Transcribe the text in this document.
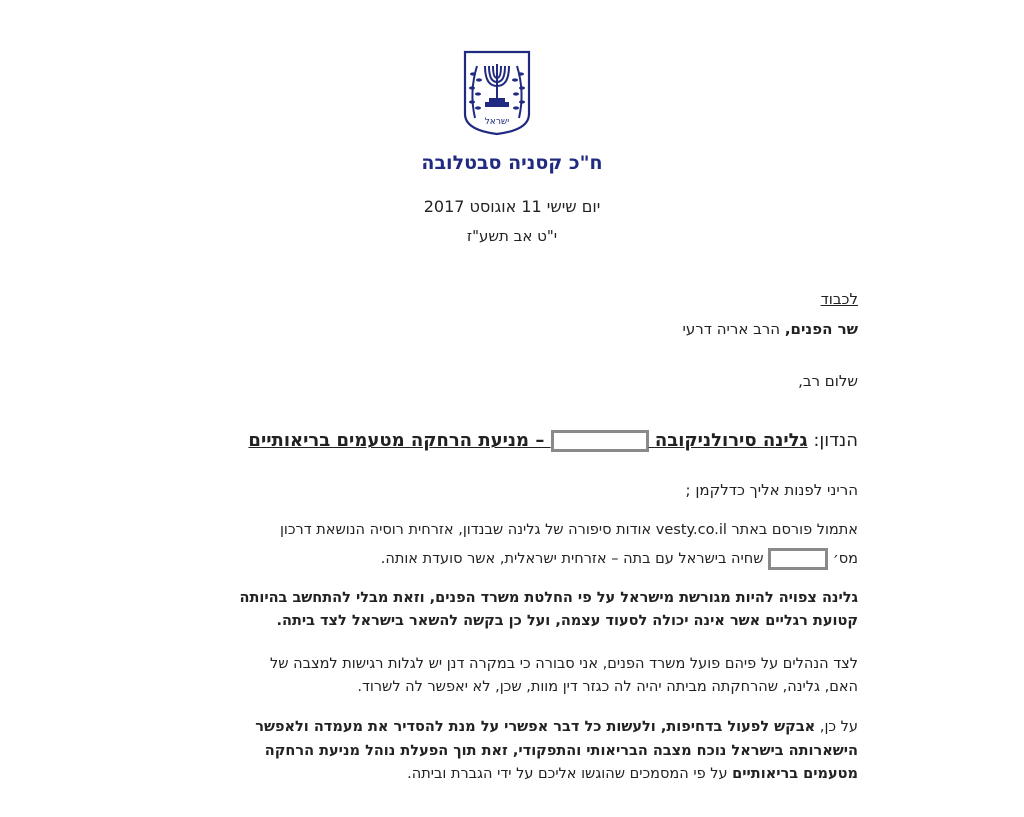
ישראל
ח"כ קסניה סבטלובה
יום שישי 11 אוגוסט 2017
י"ט אב תשע"ז
לכבוד
שר הפנים, הרב אריה דרעי
שלום רב,
הנדון: גלינה סירולניקובה  – מניעת הרחקה מטעמים בריאותיים
הריני לפנות אליך כדלקמן ;
אתמול פורסם באתר vesty.co.il אודות סיפורה של גלינה שבנדון, אזרחית רוסיה הנושאת דרכון
מס׳  שחיה בישראל עם בתה – אזרחית ישראלית, אשר סועדת אותה.
גלינה צפויה להיות מגורשת מישראל על פי החלטת משרד הפנים, וזאת מבלי להתחשב בהיותה
קטועת רגליים אשר אינה יכולה לסעוד עצמה, ועל כן בקשה להשאר בישראל לצד ביתה.
לצד הנהלים על פיהם פועל משרד הפנים, אני סבורה כי במקרה דנן יש לגלות רגישות למצבה של
האם, גלינה, שהרחקתה מביתה יהיה לה כגזר דין מוות, שכן, לא יאפשר לה לשרוד.
על כן, אבקש לפעול בדחיפות, ולעשות כל דבר אפשרי על מנת להסדיר את מעמדה ולאפשר
הישארותה בישראל נוכח מצבה הבריאותי והתפקודי, זאת תוך הפעלת נוהל מניעת הרחקה
מטעמים בריאותיים על פי המסמכים שהוגשו אליכם על ידי הגברת וביתה.
